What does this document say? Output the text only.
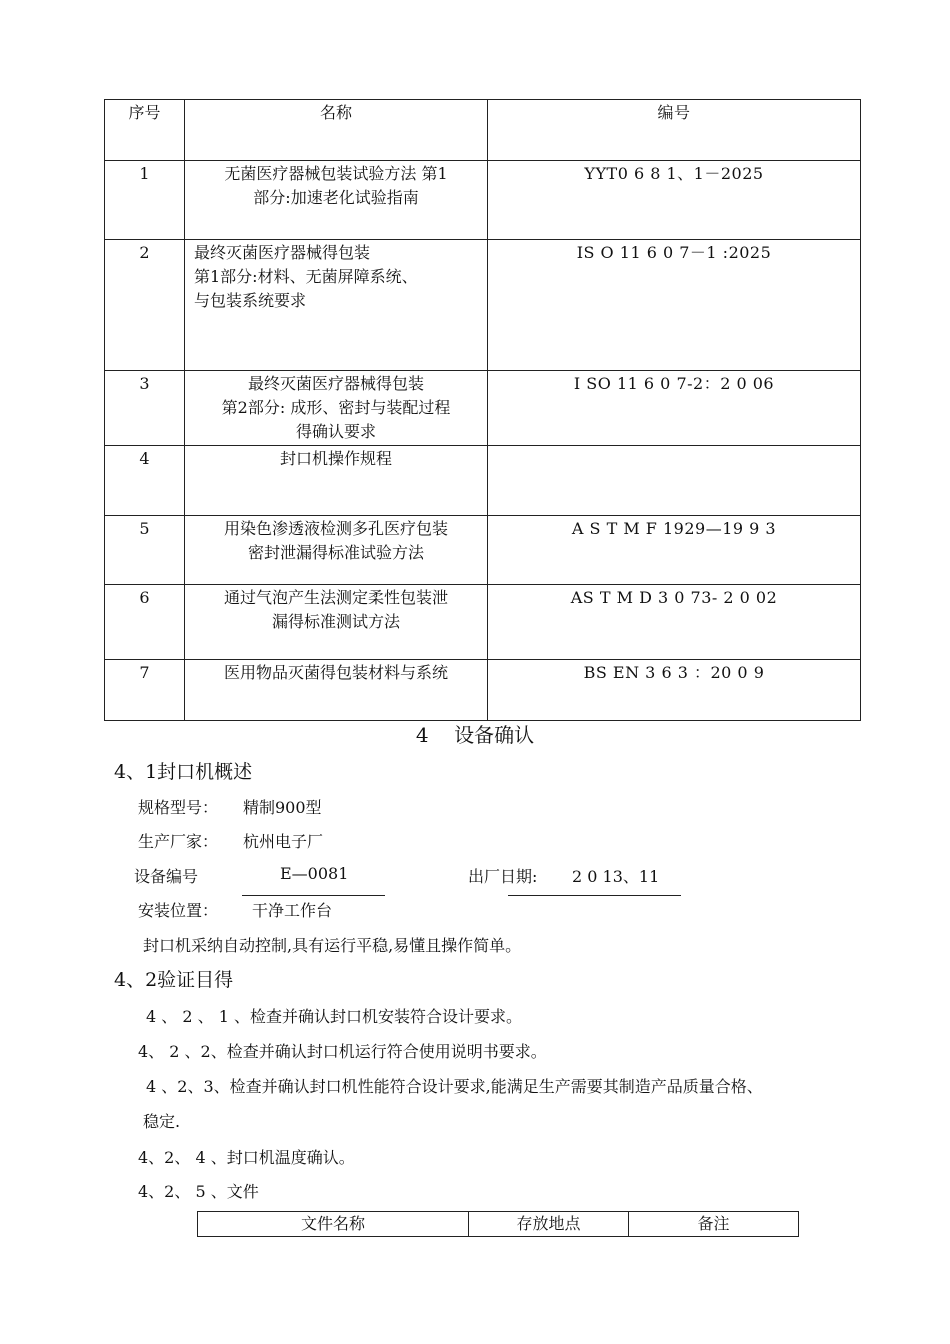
序号	名称	编号
1	无菌医疗器械包装试验方法 第1
部分:加速老化试验指南	YYT0 6 8 1、1－2025
2	最终灭菌医疗器械得包装
第1部分:材料、无菌屏障系统、
与包装系统要求	IS O 11 6 0 7－1 :2025
3	最终灭菌医疗器械得包装
第2部分: 成形、密封与装配过程
得确认要求	I SO 11 6 0 7-2：2 0 06
4	封口机操作规程	

5	用染色渗透液检测多孔医疗包装
密封泄漏得标准试验方法	A S T M F 1929—19 9 3
6	通过气泡产生法测定柔性包装泄
漏得标准测试方法	AS T M D 3 0 73- 2 0 02
7	医用物品灭菌得包装材料与系统	BS EN 3 6 3 ：20 0 9
4    设备确认
4、1封口机概述
规格型号： 精制900型
生产厂家： 杭州电子厂
设备编号	E—0081	出厂日期: 2 0 13、11
安装位置： 干净工作台
封口机采纳自动控制,具有运行平稳,易懂且操作简单。
4、2验证目得
4 、 2 、 1 、检查并确认封口机安装符合设计要求。
4、 2 、2、检查并确认封口机运行符合使用说明书要求。
4 、2、3、检查并确认封口机性能符合设计要求,能满足生产需要其制造产品质量合格、
稳定.
4、2、 4 、封口机温度确认。
4、2、 5 、文件
文件名称	存放地点	备注
